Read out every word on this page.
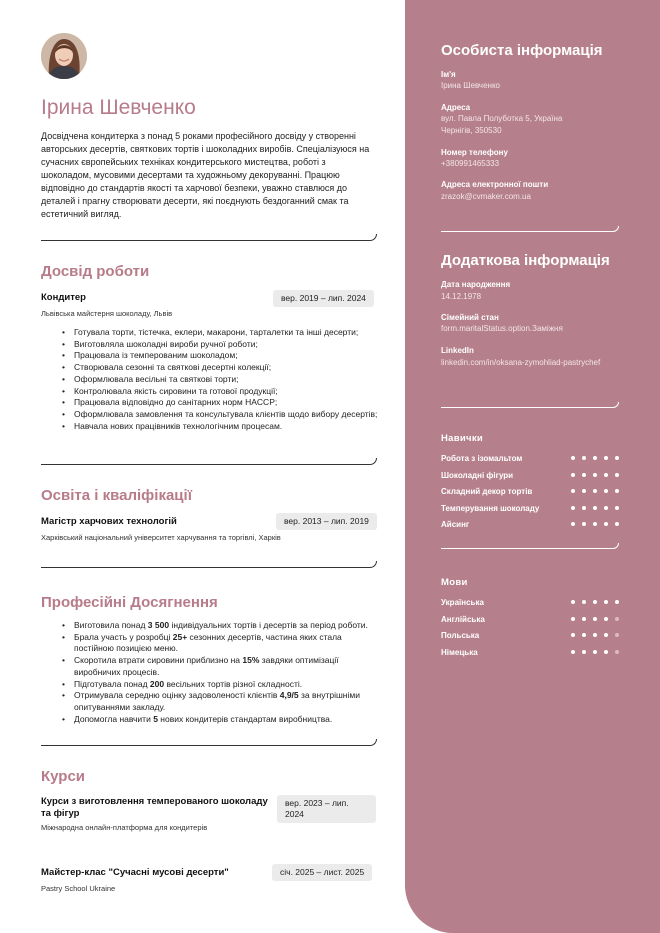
Ірина Шевченко

Досвідчена кондитерка з понад 5 роками професійного досвіду у створенні авторських десертів, святкових тортів і шоколадних виробів. Спеціалізуюся на сучасних європейських техніках кондитерського мистецтва, роботі з шоколадом, мусовими десертами та художньому декоруванні. Працюю відповідно до стандартів якості та харчової безпеки, уважно ставлюся до деталей і прагну створювати десерти, які поєднують бездоганний смак та естетичний вигляд.

Досвід роботи
Кондитер	вер. 2019 – лип. 2024
Львівська майстерня шоколаду, Львів
• Готувала торти, тістечка, еклери, макарони, тарталетки та інші десерти;
• Виготовляла шоколадні вироби ручної роботи;
• Працювала із темперованим шоколадом;
• Створювала сезонні та святкові десертні колекції;
• Оформлювала весільні та святкові торти;
• Контролювала якість сировини та готової продукції;
• Працювала відповідно до санітарних норм HACCP;
• Оформлювала замовлення та консультувала клієнтів щодо вибору десертів;
• Навчала нових працівників технологічним процесам.
Освіта і кваліфікації
Магістр харчових технологій	вер. 2013 – лип. 2019
Харківський національний університет харчування та торгівлі, Харків
Професійні Досягнення
• Виготовила понад 3 500 індивідуальних тортів і десертів за період роботи.
• Брала участь у розробці 25+ сезонних десертів, частина яких стала постійною позицією меню.
• Скоротила втрати сировини приблизно на 15% завдяки оптимізації виробничих процесів.
• Підготувала понад 200 весільних тортів різної складності.
• Отримувала середню оцінку задоволеності клієнтів 4,9/5 за внутрішніми опитуваннями закладу.
• Допомогла навчити 5 нових кондитерів стандартам виробництва.
Курси
Курси з виготовлення темперованого шоколаду та фігур
вер. 2023 – лип. 2024
Міжнародна онлайн-платформа для кондитерів
Майстер-клас "Сучасні мусові десерти"	січ. 2025 – лист. 2025
Pastry School Ukraine
Особиста інформація
Ім'я
Ірина Шевченко
Адреса
вул. Павла Полуботка 5, Україна Чернігів, 350530
Номер телефону
+380991465333
Адреса електронної пошти
zrazok@cvmaker.com.ua
Додаткова інформація
Дата народження
14.12.1978
Сімейний стан
form.maritalStatus.option.Заміжня
LinkedIn
linkedin.com/in/oksana-zymohliad-pastrychef
Навички
Робота з ізомальтом
Шоколадні фігури
Складний декор тортів
Темперування шоколаду
Айсинг
Мови
Українська
Англійська
Польська
Німецька
